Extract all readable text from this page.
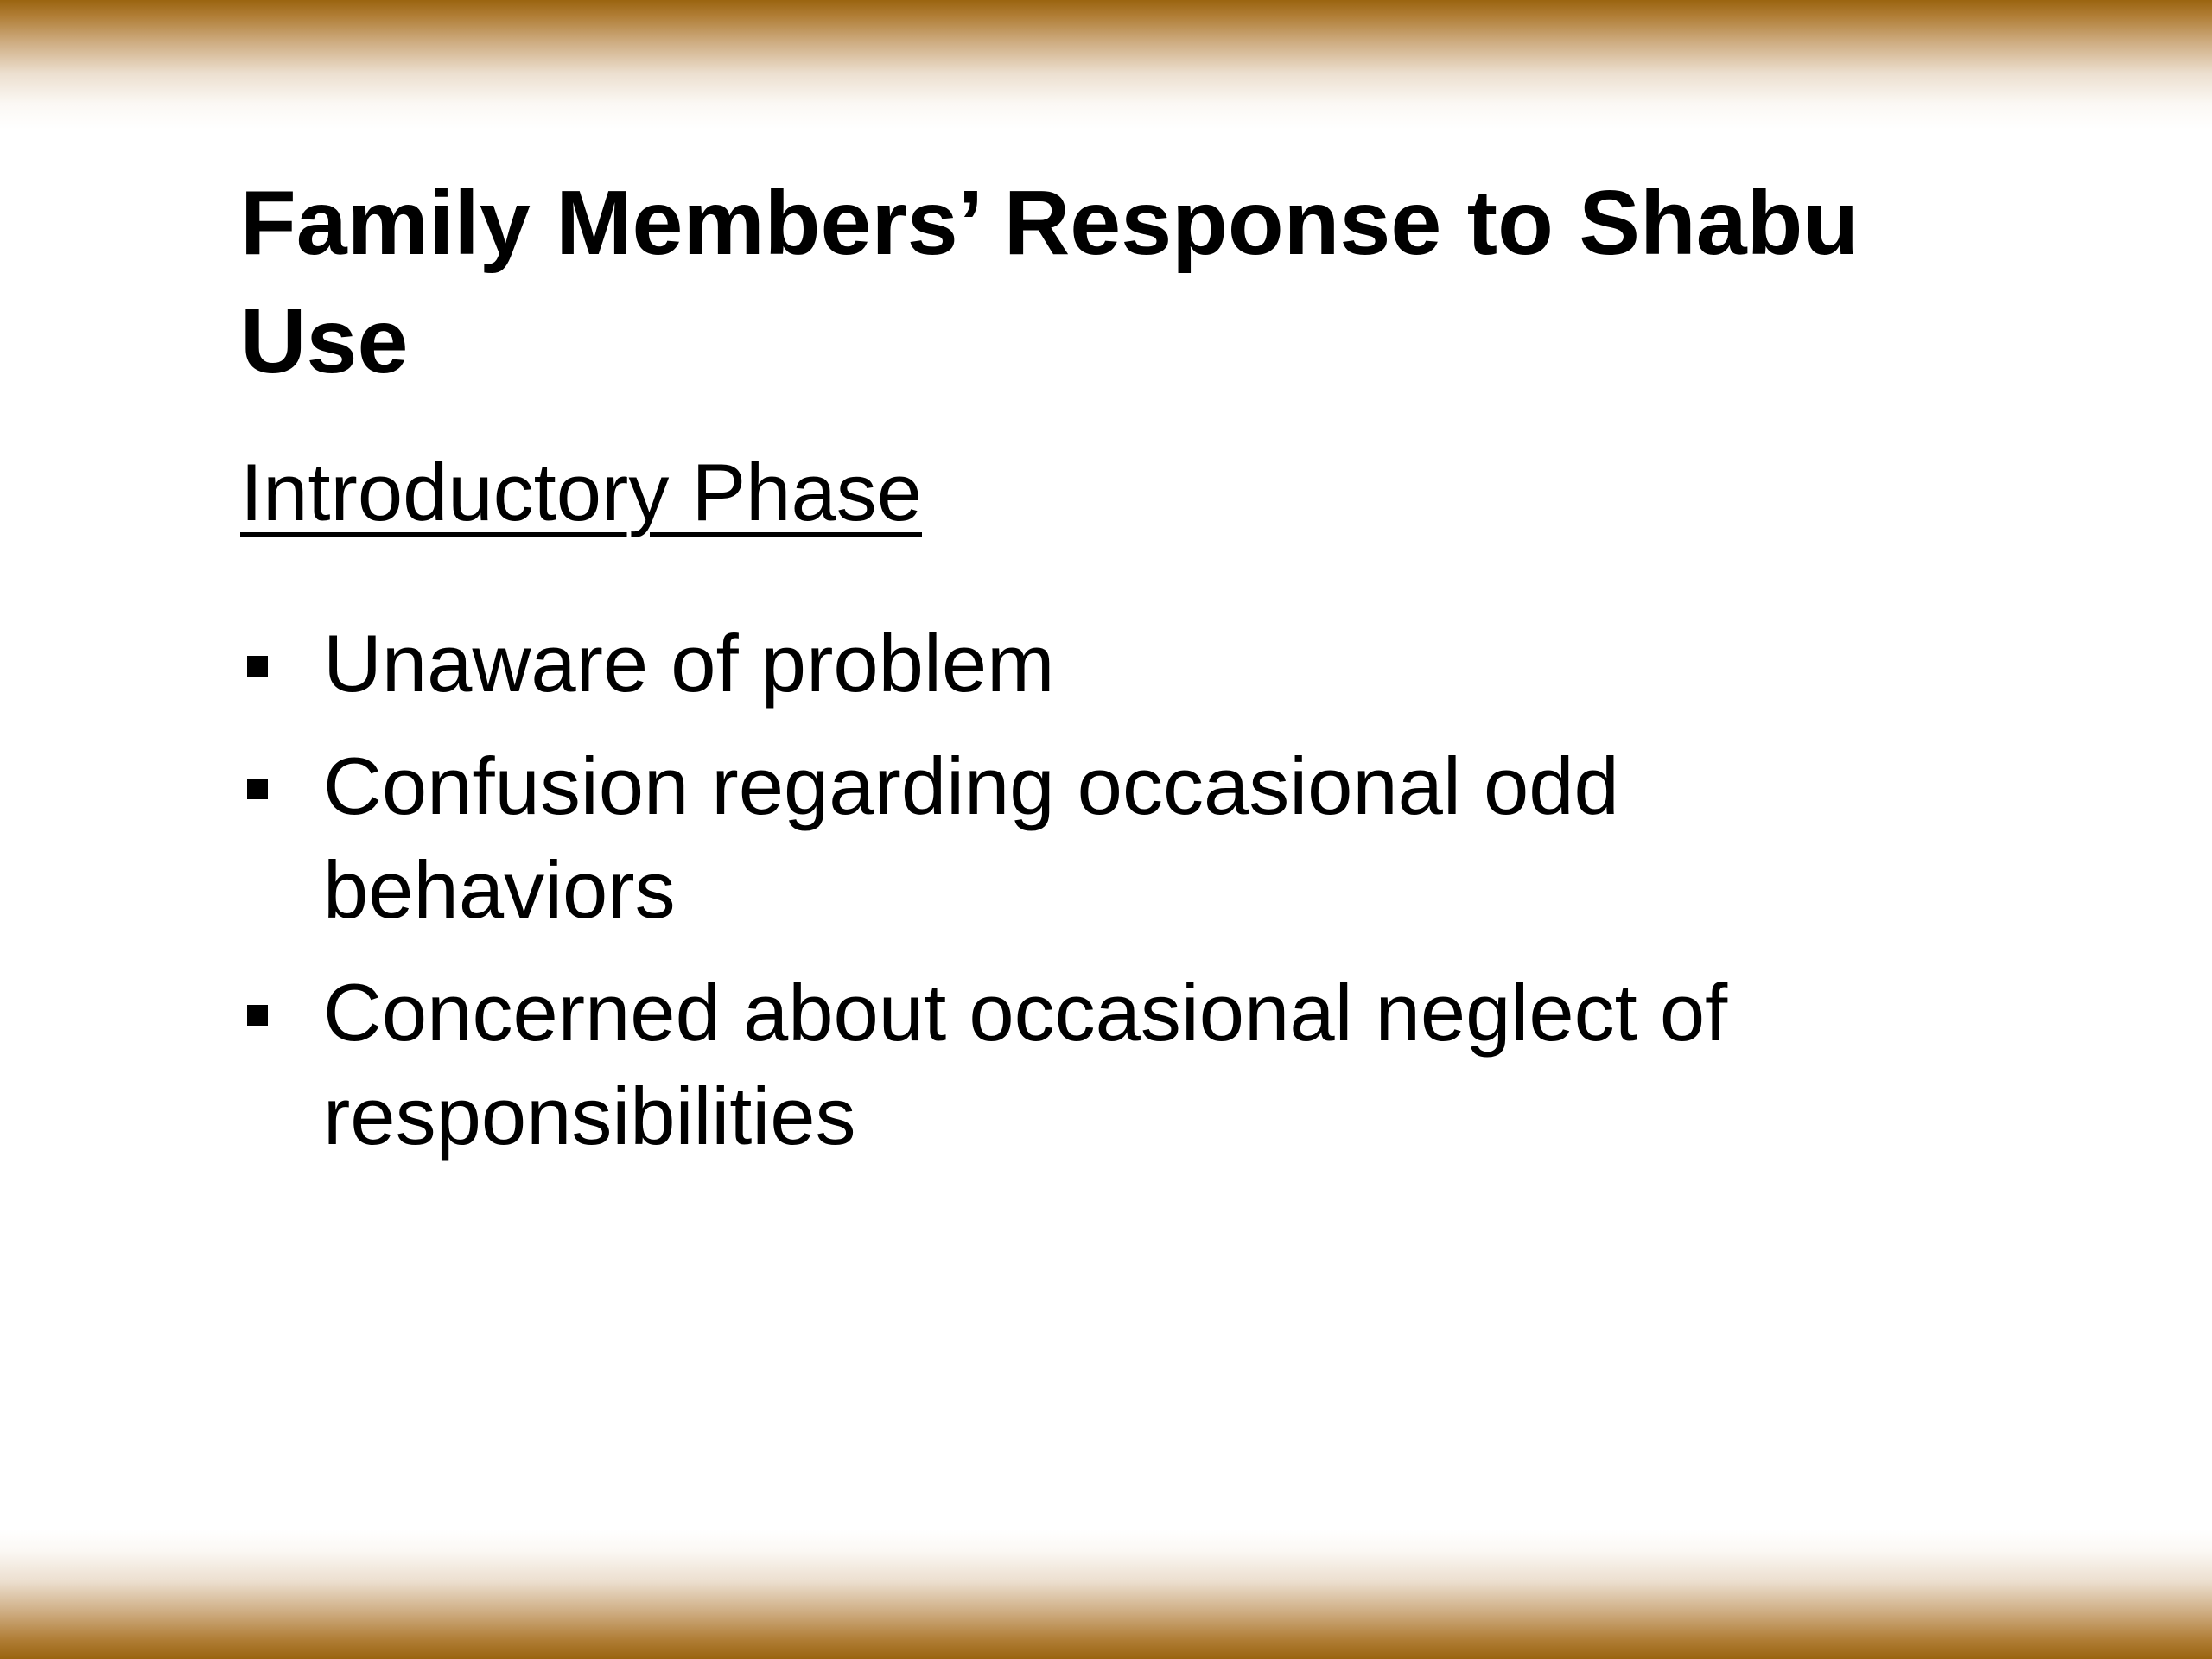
Family Members’ Response to Shabu Use
Introductory Phase
Unaware of problem
Confusion regarding occasional odd behaviors
Concerned about occasional neglect of responsibilities
